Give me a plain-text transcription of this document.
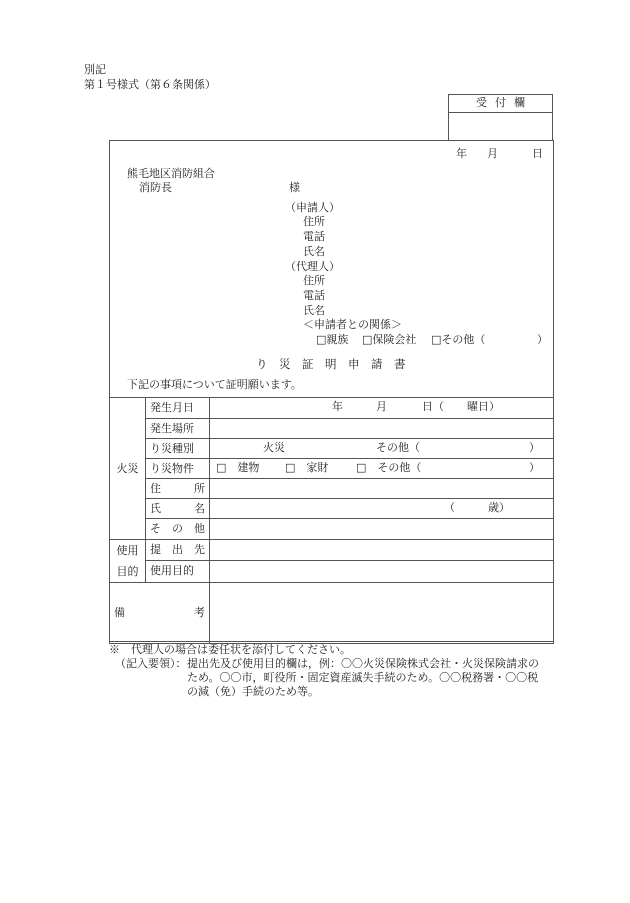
別記
第１号様式（第６条関係）
受付欄
年 月	日
熊毛地区消防組合
消防長	様
（申請人）
住所
電話
氏名
（代理人）
住所
電話
氏名
＜申請者との関係＞
□親族 □保険会社 □その他（	）
り　災　証　明　申　請　書
下記の事項について証明願います。
火災	発生月日	年 月 日（ 曜日）

	発生場所	
	り災種別	火災 その他（ ）

	り災物件	□　建物 □　家財 □　その他（ ）

	住 所	

	氏 名	（ 歳）

	そ　の　他	

使用
目的	提　出　先	
	使用目的	

備 考		

※　代理人の場合は委任状を添付してください。
（記入要領）： 提出先及び使用目的欄は，例：〇〇火災保険株式会社・火災保険請求の
ため。〇〇市，町役所・固定資産滅失手続のため。〇〇税務署・〇〇税
の減（免）手続のため等。
